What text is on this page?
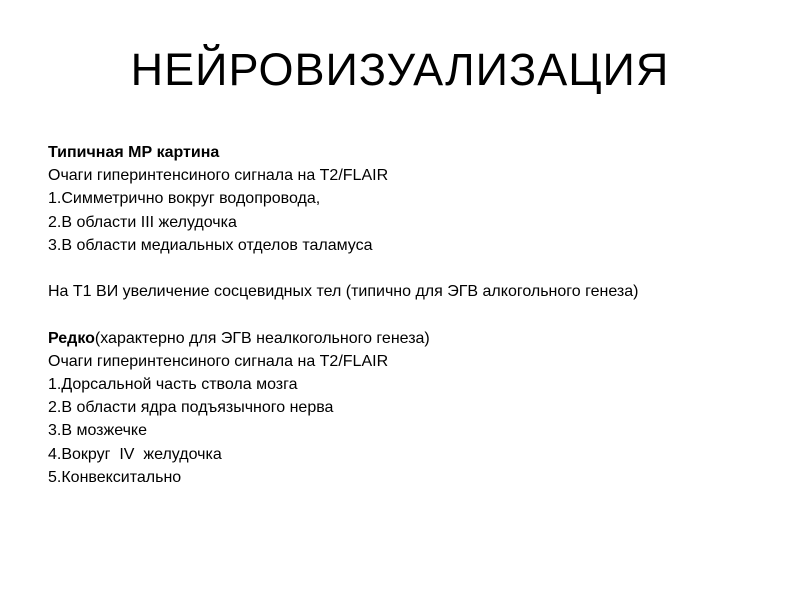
НЕЙРОВИЗУАЛИЗАЦИЯ
Типичная МР картина
Очаги гиперинтенсиного сигнала на Т2/FLAIR
1.Симметрично вокруг водопровода,
2.В области III желудочка
3.В области медиальных отделов таламуса
На Т1 ВИ увеличение сосцевидных тел (типично для ЭГВ алкогольного генеза)
Редко(характерно для ЭГВ неалкогольного генеза)
Очаги гиперинтенсиного сигнала на Т2/FLAIR
1.Дорсальной часть ствола мозга
2.В области ядра подъязычного нерва
3.В мозжечке
4.Вокруг  IV  желудочка
5.Конвекситально
